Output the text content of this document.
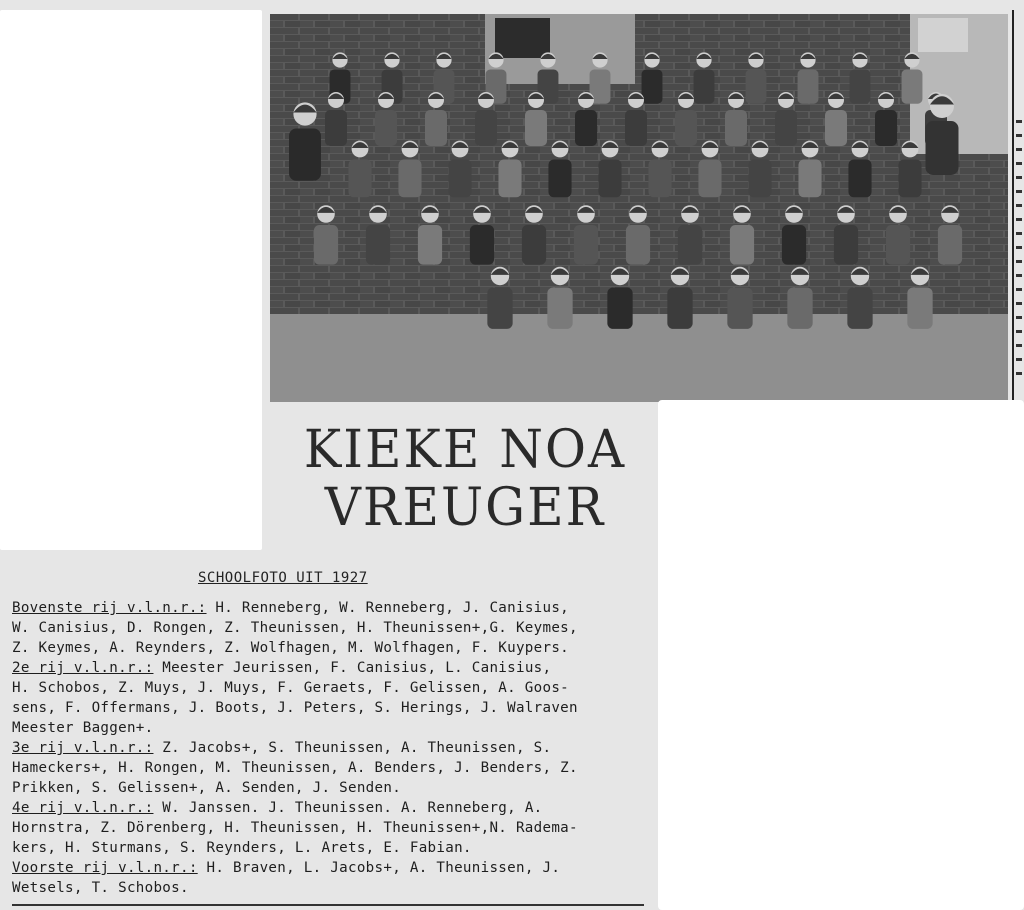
KIEKE NOA
VREUGER
SCHOOLFOTO UIT 1927
Bovenste rij v.l.n.r.: H. Renneberg, W. Renneberg, J. Canisius,
W. Canisius, D. Rongen, Z. Theunissen, H. Theunissen+,G. Keymes,
Z. Keymes, A. Reynders, Z. Wolfhagen, M. Wolfhagen, F. Kuypers.
2e rij v.l.n.r.: Meester Jeurissen, F. Canisius, L. Canisius,
H. Schobos, Z. Muys, J. Muys, F. Geraets, F. Gelissen, A. Goos-
sens, F. Offermans, J. Boots, J. Peters, S. Herings, J. Walraven
Meester Baggen+.
3e rij v.l.n.r.: Z. Jacobs+, S. Theunissen, A. Theunissen, S.
Hameckers+, H. Rongen, M. Theunissen, A. Benders, J. Benders, Z.
Prikken, S. Gelissen+, A. Senden, J. Senden.
4e rij v.l.n.r.: W. Janssen. J. Theunissen. A. Renneberg, A.
Hornstra, Z. Dörenberg, H. Theunissen, H. Theunissen+,N. Radema-
kers, H. Sturmans, S. Reynders, L. Arets, E. Fabian.
Voorste rij v.l.n.r.: H. Braven, L. Jacobs+, A. Theunissen, J.
Wetsels, T. Schobos.
